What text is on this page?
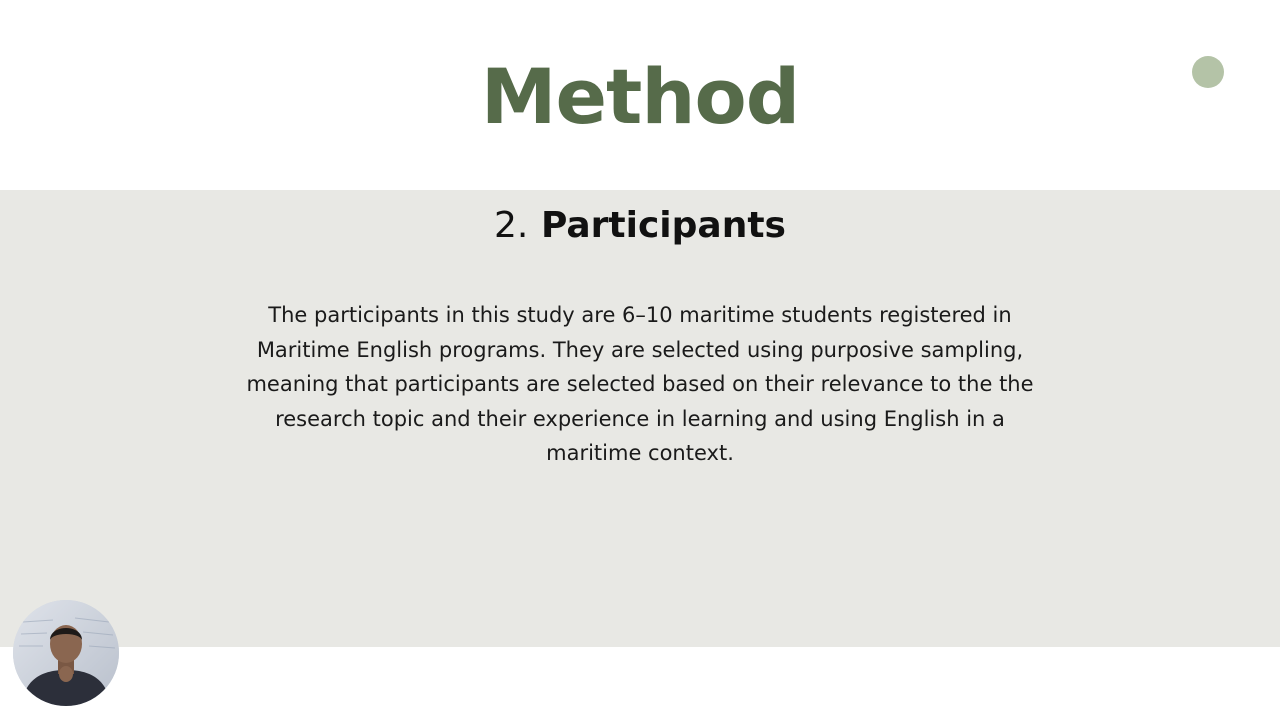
Method
2. Participants

The participants in this study are 6–10 maritime students registered in Maritime English programs. They are selected using purposive sampling, meaning that participants are selected based on their relevance to the the research topic and their experience in learning and using English in a maritime context.
